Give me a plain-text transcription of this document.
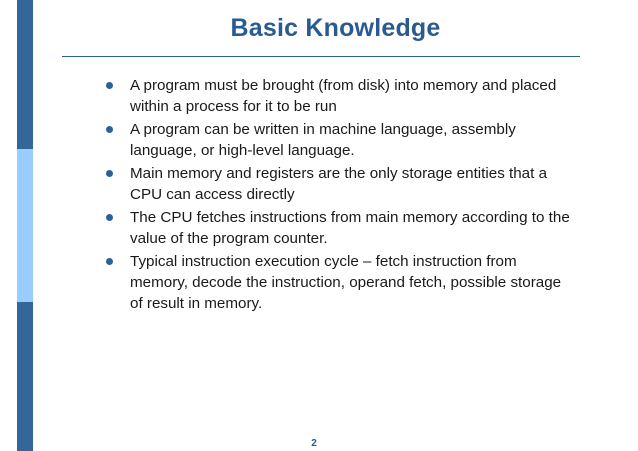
Basic Knowledge
A program must be brought (from disk) into memory and placed within a process for it to be run
A program can be written in machine language, assembly language, or high-level language.
Main memory and registers are the only storage entities that a CPU can access directly
The CPU fetches instructions from main memory according to the value of the program counter.
Typical instruction execution cycle – fetch instruction from memory, decode the instruction, operand fetch, possible storage of result in memory.
2
